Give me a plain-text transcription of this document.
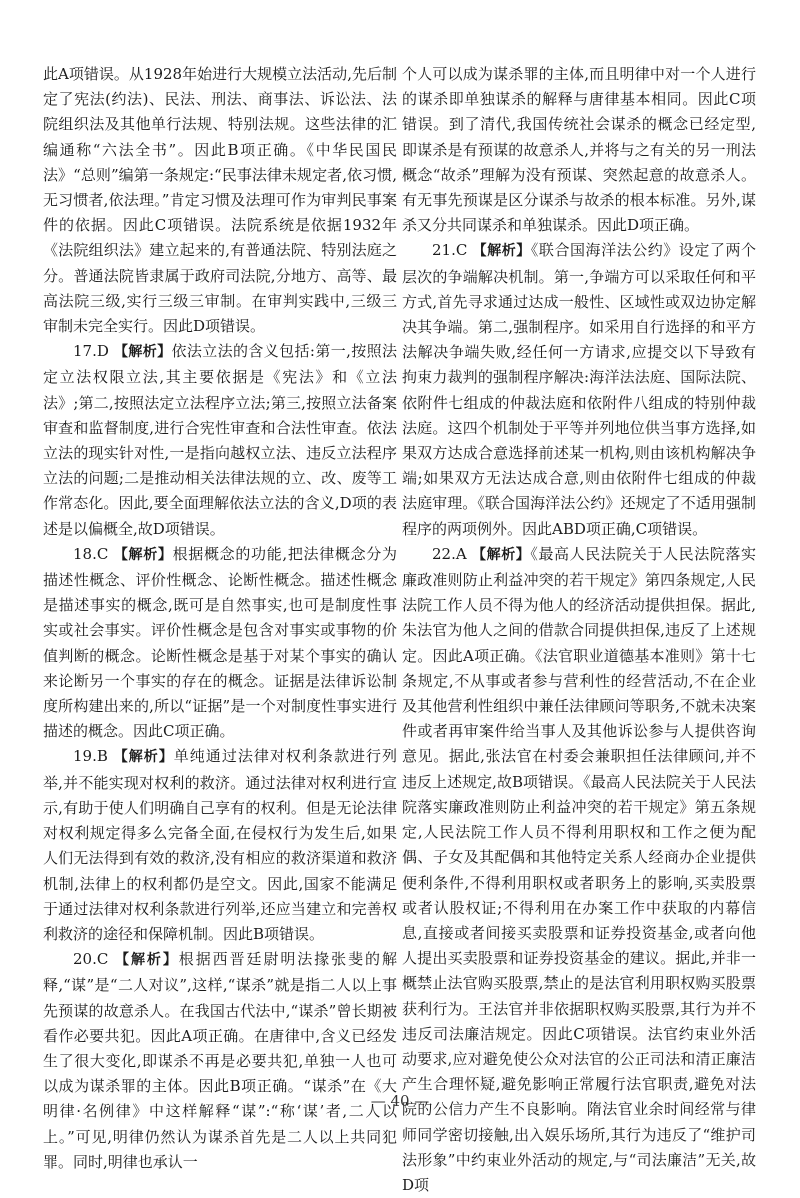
此A项错误。从1928年始进行大规模立法活动,先后制定了宪法(约法)、民法、刑法、商事法、诉讼法、法院组织法及其他单行法规、特别法规。这些法律的汇编通称“六法全书”。因此B项正确。《中华民国民法》“总则”编第一条规定:“民事法律未规定者,依习惯,无习惯者,依法理。”肯定习惯及法理可作为审判民事案件的依据。因此C项错误。法院系统是依据1932年《法院组织法》建立起来的,有普通法院、特别法庭之分。普通法院皆隶属于政府司法院,分地方、高等、最高法院三级,实行三级三审制。在审判实践中,三级三审制未完全实行。因此D项错误。

17.D 【解析】依法立法的含义包括:第一,按照法定立法权限立法,其主要依据是《宪法》和《立法法》;第二,按照法定立法程序立法;第三,按照立法备案审查和监督制度,进行合宪性审查和合法性审查。依法立法的现实针对性,一是指向越权立法、违反立法程序立法的问题;二是推动相关法律法规的立、改、废等工作常态化。因此,要全面理解依法立法的含义,D项的表述是以偏概全,故D项错误。

18.C 【解析】根据概念的功能,把法律概念分为描述性概念、评价性概念、论断性概念。描述性概念是描述事实的概念,既可是自然事实,也可是制度性事实或社会事实。评价性概念是包含对事实或事物的价值判断的概念。论断性概念是基于对某个事实的确认来论断另一个事实的存在的概念。证据是法律诉讼制度所构建出来的,所以“证据”是一个对制度性事实进行描述的概念。因此C项正确。

19.B 【解析】单纯通过法律对权利条款进行列举,并不能实现对权利的救济。通过法律对权利进行宣示,有助于使人们明确自己享有的权利。但是无论法律对权利规定得多么完备全面,在侵权行为发生后,如果人们无法得到有效的救济,没有相应的救济渠道和救济机制,法律上的权利都仍是空文。因此,国家不能满足于通过法律对权利条款进行列举,还应当建立和完善权利救济的途径和保障机制。因此B项错误。

20.C 【解析】根据西晋廷尉明法掾张斐的解释,“谋”是“二人对议”,这样,“谋杀”就是指二人以上事先预谋的故意杀人。在我国古代法中,“谋杀”曾长期被看作必要共犯。因此A项正确。在唐律中,含义已经发生了很大变化,即谋杀不再是必要共犯,单独一人也可以成为谋杀罪的主体。因此B项正确。“谋杀”在《大明律·名例律》中这样解释“谋”:“称‘谋’者,二人以上。”可见,明律仍然认为谋杀首先是二人以上共同犯罪。同时,明律也承认一

个人可以成为谋杀罪的主体,而且明律中对一个人进行的谋杀即单独谋杀的解释与唐律基本相同。因此C项错误。到了清代,我国传统社会谋杀的概念已经定型,即谋杀是有预谋的故意杀人,并将与之有关的另一刑法概念“故杀”理解为没有预谋、突然起意的故意杀人。有无事先预谋是区分谋杀与故杀的根本标准。另外,谋杀又分共同谋杀和单独谋杀。因此D项正确。

21.C 【解析】《联合国海洋法公约》设定了两个层次的争端解决机制。第一,争端方可以采取任何和平方式,首先寻求通过达成一般性、区域性或双边协定解决其争端。第二,强制程序。如采用自行选择的和平方法解决争端失败,经任何一方请求,应提交以下导致有拘束力裁判的强制程序解决:海洋法法庭、国际法院、依附件七组成的仲裁法庭和依附件八组成的特别仲裁法庭。这四个机制处于平等并列地位供当事方选择,如果双方达成合意选择前述某一机构,则由该机构解决争端;如果双方无法达成合意,则由依附件七组成的仲裁法庭审理。《联合国海洋法公约》还规定了不适用强制程序的两项例外。因此ABD项正确,C项错误。

22.A 【解析】《最高人民法院关于人民法院落实廉政准则防止利益冲突的若干规定》第四条规定,人民法院工作人员不得为他人的经济活动提供担保。据此,朱法官为他人之间的借款合同提供担保,违反了上述规定。因此A项正确。《法官职业道德基本准则》第十七条规定,不从事或者参与营利性的经营活动,不在企业及其他营利性组织中兼任法律顾问等职务,不就未决案件或者再审案件给当事人及其他诉讼参与人提供咨询意见。据此,张法官在村委会兼职担任法律顾问,并不违反上述规定,故B项错误。《最高人民法院关于人民法院落实廉政准则防止利益冲突的若干规定》第五条规定,人民法院工作人员不得利用职权和工作之便为配偶、子女及其配偶和其他特定关系人经商办企业提供便利条件,不得利用职权或者职务上的影响,买卖股票或者认股权证;不得利用在办案工作中获取的内幕信息,直接或者间接买卖股票和证券投资基金,或者向他人提出买卖股票和证券投资基金的建议。据此,并非一概禁止法官购买股票,禁止的是法官利用职权购买股票获利行为。王法官并非依据职权购买股票,其行为并不违反司法廉洁规定。因此C项错误。法官约束业外活动要求,应对避免使公众对法官的公正司法和清正廉洁产生合理怀疑,避免影响正常履行法官职责,避免对法院的公信力产生不良影响。隋法官业余时间经常与律师同学密切接触,出入娱乐场所,其行为违反了“维护司法形象”中约束业外活动的规定,与“司法廉洁”无关,故D项

— 40 —
